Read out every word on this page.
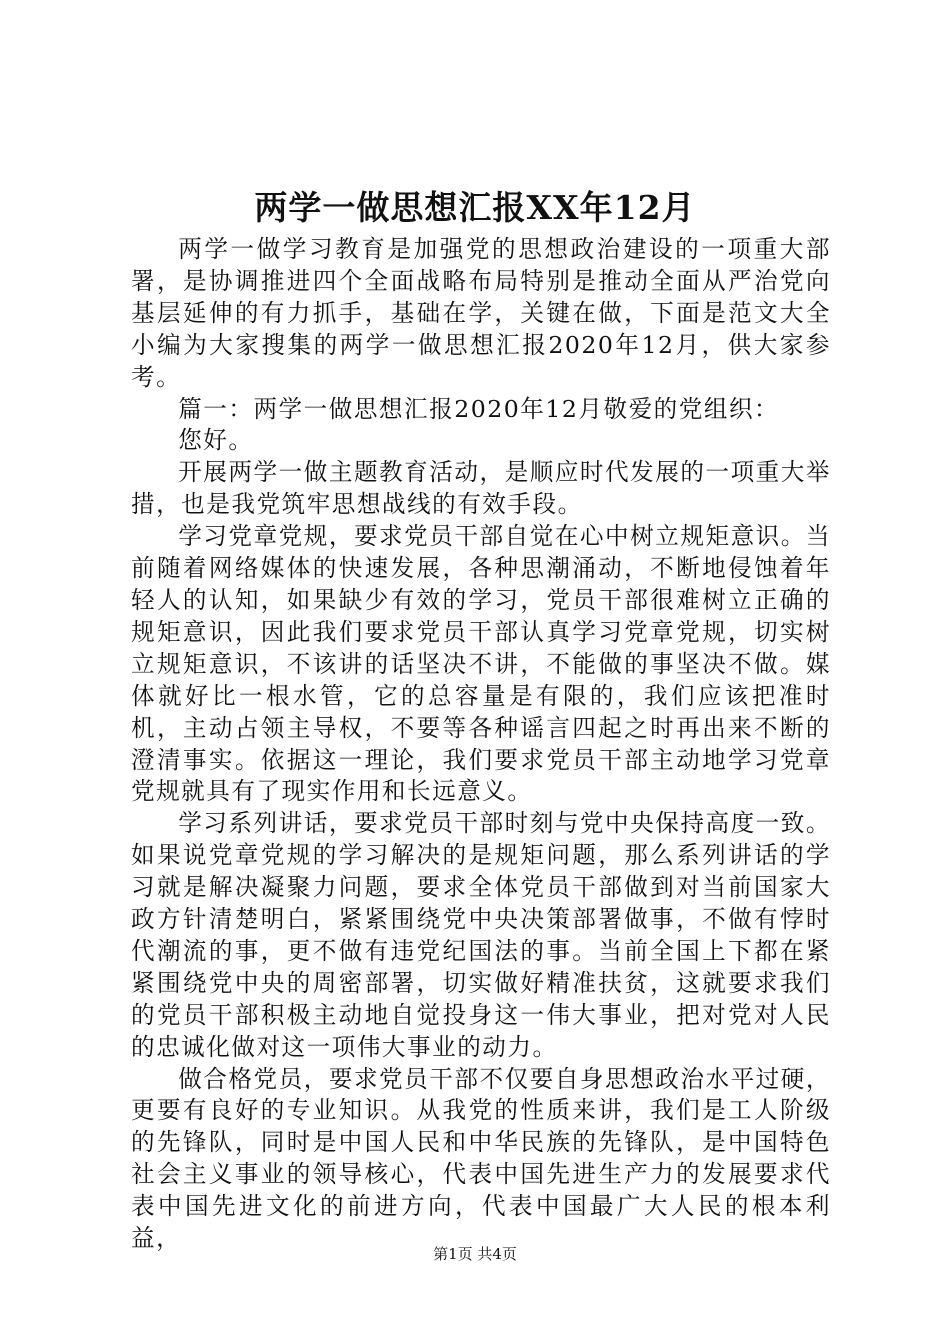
两学一做思想汇报XX年12月

两学一做学习教育是加强党的思想政治建设的一项重大部署，是协调推进四个全面战略布局特别是推动全面从严治党向基层延伸的有力抓手，基础在学，关键在做，下面是范文大全小编为大家搜集的两学一做思想汇报2020年12月，供大家参考。

篇一：两学一做思想汇报2020年12月敬爱的党组织：

您好。

开展两学一做主题教育活动，是顺应时代发展的一项重大举措，也是我党筑牢思想战线的有效手段。

学习党章党规，要求党员干部自觉在心中树立规矩意识。当前随着网络媒体的快速发展，各种思潮涌动，不断地侵蚀着年轻人的认知，如果缺少有效的学习，党员干部很难树立正确的规矩意识，因此我们要求党员干部认真学习党章党规，切实树立规矩意识，不该讲的话坚决不讲，不能做的事坚决不做。媒体就好比一根水管，它的总容量是有限的，我们应该把准时机，主动占领主导权，不要等各种谣言四起之时再出来不断的澄清事实。依据这一理论，我们要求党员干部主动地学习党章党规就具有了现实作用和长远意义。

学习系列讲话，要求党员干部时刻与党中央保持高度一致。如果说党章党规的学习解决的是规矩问题，那么系列讲话的学习就是解决凝聚力问题，要求全体党员干部做到对当前国家大政方针清楚明白，紧紧围绕党中央决策部署做事，不做有悖时代潮流的事，更不做有违党纪国法的事。当前全国上下都在紧紧围绕党中央的周密部署，切实做好精准扶贫，这就要求我们的党员干部积极主动地自觉投身这一伟大事业，把对党对人民的忠诚化做对这一项伟大事业的动力。

做合格党员，要求党员干部不仅要自身思想政治水平过硬，更要有良好的专业知识。从我党的性质来讲，我们是工人阶级的先锋队，同时是中国人民和中华民族的先锋队，是中国特色社会主义事业的领导核心，代表中国先进生产力的发展要求代表中国先进文化的前进方向，代表中国最广大人民的根本利益，

第1页 共4页
